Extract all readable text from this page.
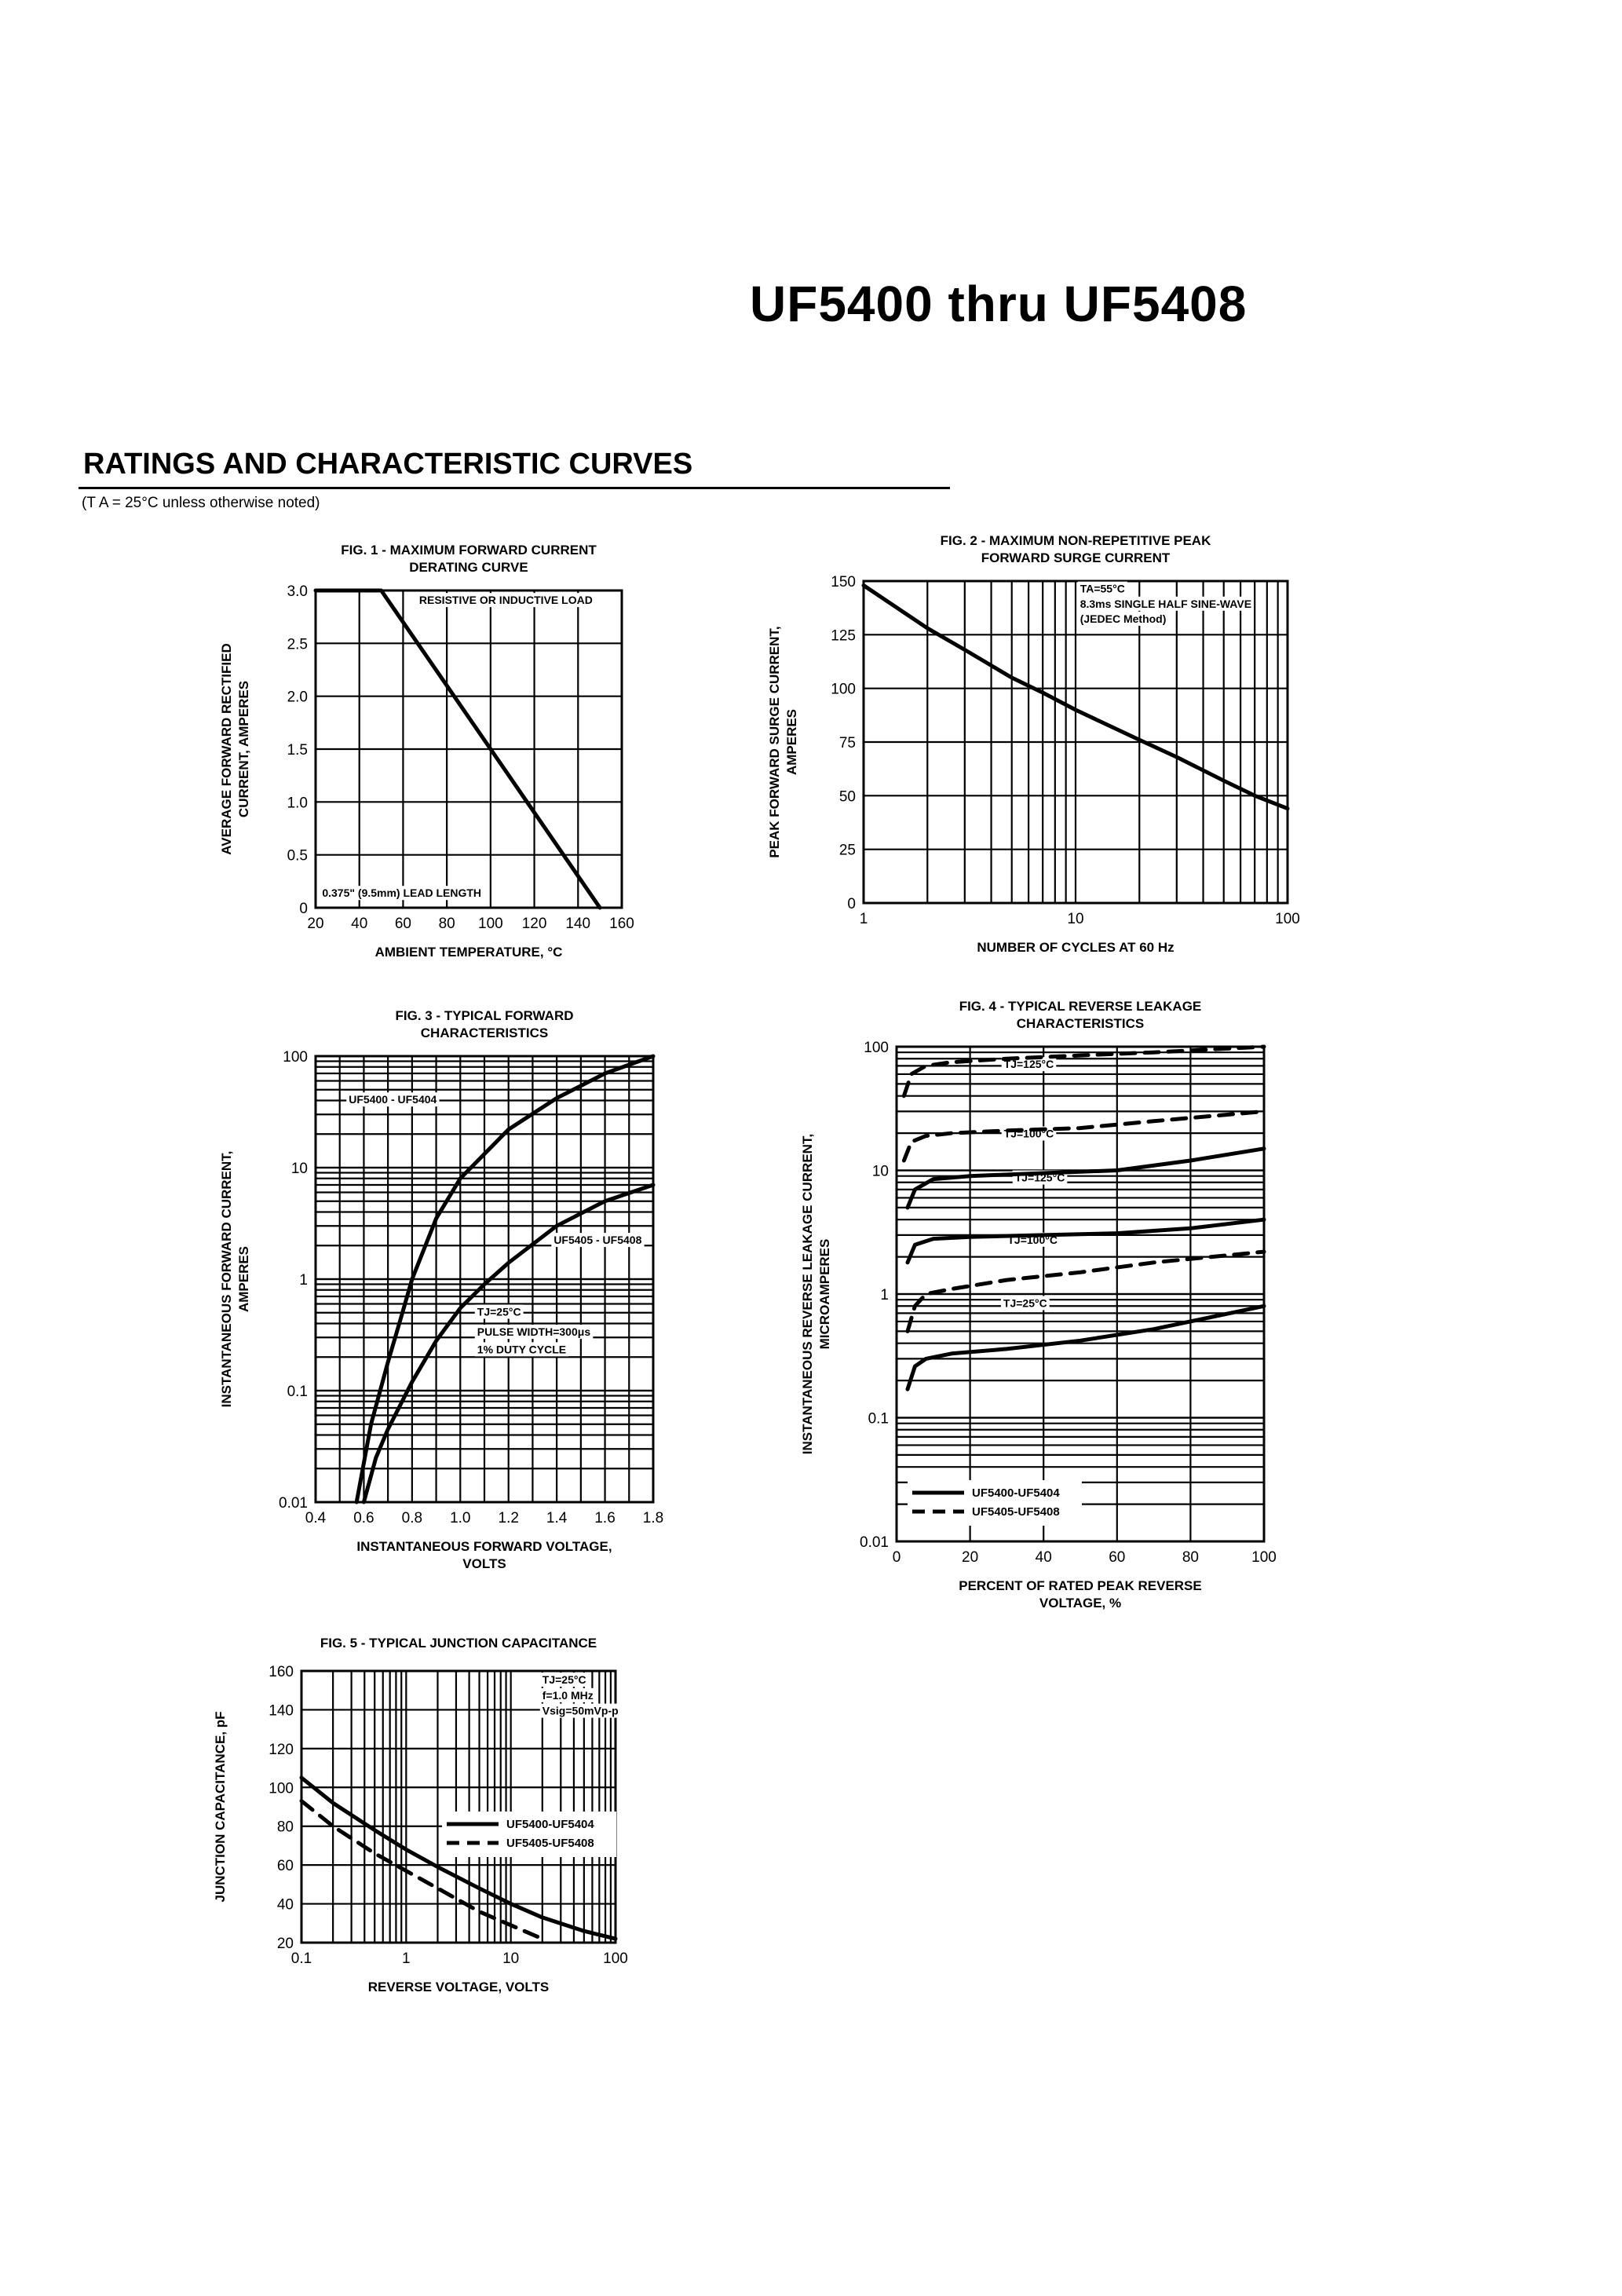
UF5400 thru UF5408
RATINGS AND CHARACTERISTIC CURVES
(T A = 25°C unless otherwise noted)
RESISTIVE OR INDUCTIVE LOAD
0.375" (9.5mm) LEAD LENGTH
20 40 60 80 100 120 140 160
0
0.5
1.0
1.5
2.0
2.5
3.0
FIG. 1 - MAXIMUM FORWARD CURRENT
DERATING CURVE
AMBIENT TEMPERATURE, °C
AVERAGE FORWARD RECTIFIED CURRENT, AMPERES
TA=55°C
8.3ms SINGLE HALF SINE-WAVE
(JEDEC Method)
1	10	100
0
25
50
75
100
125
150
FIG. 2 - MAXIMUM NON-REPETITIVE PEAK
FORWARD SURGE CURRENT
NUMBER OF CYCLES AT 60 Hz
PEAK FORWARD SURGE CURRENT, AMPERES
UF5400 - UF5404
UF5405 - UF5408
TJ=25°C
PULSE WIDTH=300μs
1% DUTY CYCLE
0.4 0.6 0.8 1.0 1.2 1.4 1.6 1.8
0.01
0.1
1
10
100
FIG. 3 - TYPICAL FORWARD
CHARACTERISTICS
INSTANTANEOUS FORWARD VOLTAGE,
VOLTS
INSTANTANEOUS FORWARD CURRENT, AMPERES
TJ=125°C
TJ=100°C
TJ=125°C
TJ=100°C
TJ=25°C
0	20	40	60	80	100
0.01
0.1
1
10
100
FIG. 4 - TYPICAL REVERSE LEAKAGE
CHARACTERISTICS
PERCENT OF RATED PEAK REVERSE
VOLTAGE, %
INSTANTANEOUS REVERSE LEAKAGE CURRENT, MICROAMPERES
UF5400-UF5404
UF5405-UF5408
TJ=25°C
f=1.0 MHz
Vsig=50mVp-p
0.1	1	10	100
20
40
60
80
100
120
140
160
FIG. 5 - TYPICAL JUNCTION CAPACITANCE
REVERSE VOLTAGE, VOLTS
JUNCTION CAPACITANCE, pF	UF5400-UF5404
UF5405-UF5408
